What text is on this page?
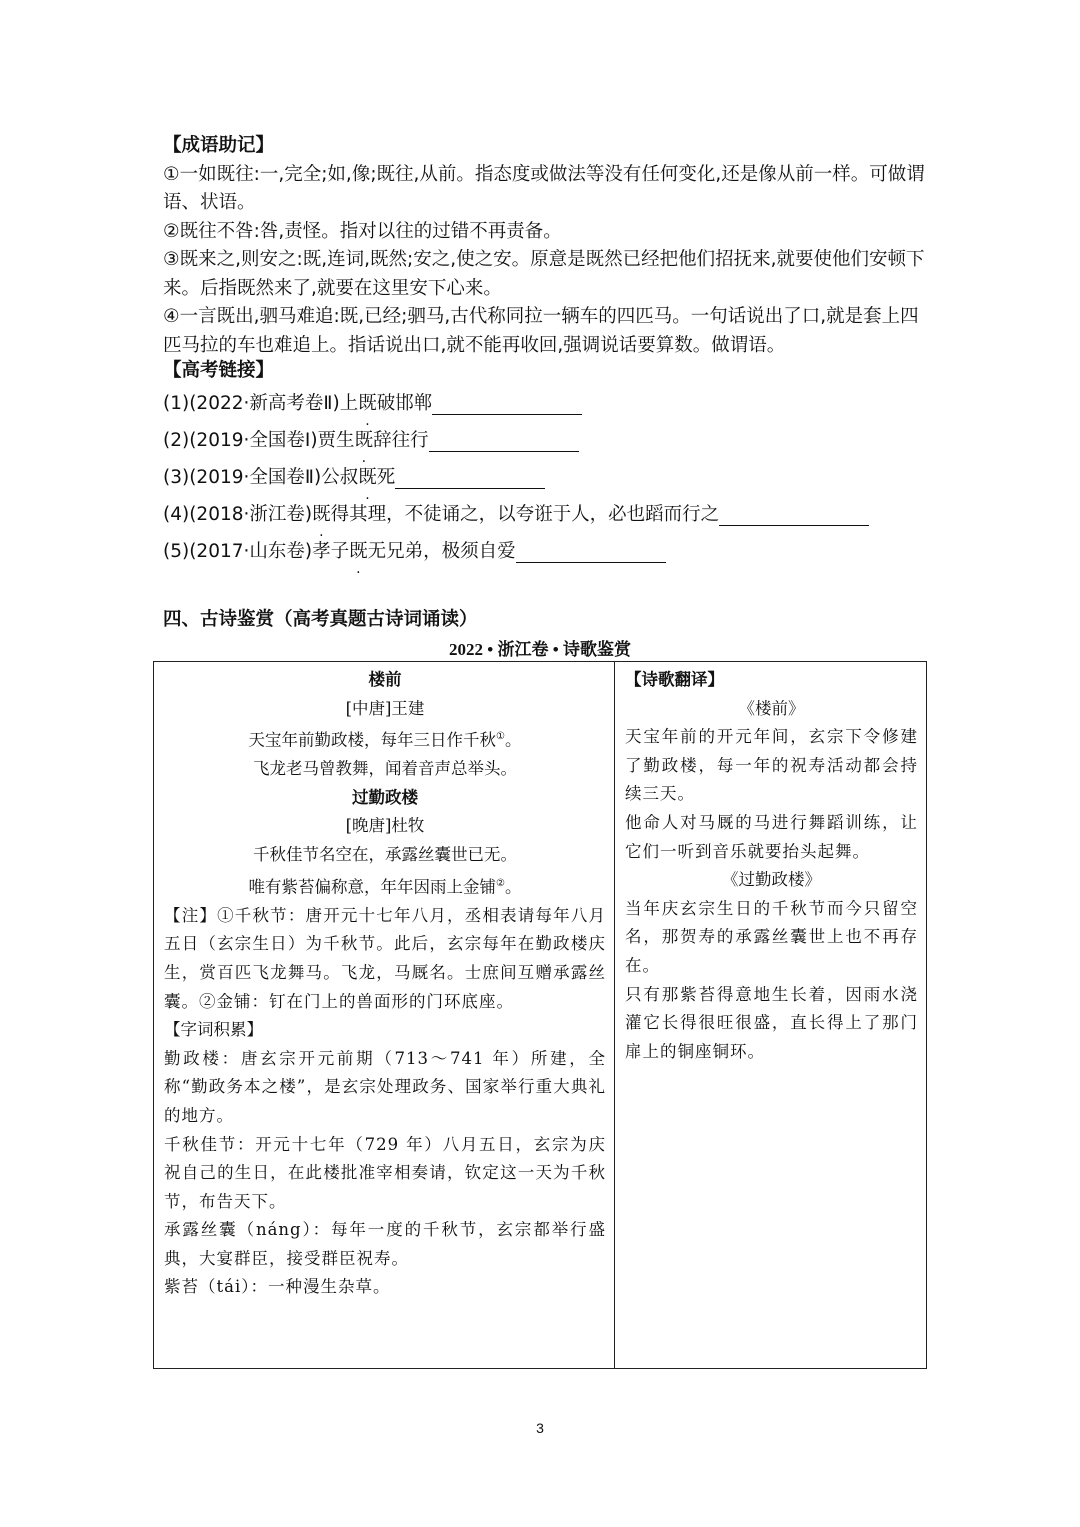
【成语助记】

①一如既往:一,完全;如,像;既往,从前。指态度或做法等没有任何变化,还是像从前一样。可做谓语、状语。

②既往不咎:咎,责怪。指对以往的过错不再责备。

③既来之,则安之:既,连词,既然;安之,使之安。原意是既然已经把他们招抚来,就要使他们安顿下来。后指既然来了,就要在这里安下心来。

④一言既出,驷马难追:既,已经;驷马,古代称同拉一辆车的四匹马。一句话说出了口,就是套上四匹马拉的车也难追上。指话说出口,就不能再收回,强调说话要算数。做谓语。

【高考链接】
(1)(2022·新高考卷Ⅱ)上既破邯郸
(2)(2019·全国卷Ⅰ)贾生既辞往行
(3)(2019·全国卷Ⅱ)公叔既死
(4)(2018·浙江卷)既得其理，不徒诵之，以夸诳于人，必也蹈而行之
(5)(2017·山东卷)孝子既无兄弟，极须自爱
四、古诗鉴赏（高考真题古诗词诵读）
2022 • 浙江卷 • 诗歌鉴赏

楼前

[中唐]王建

天宝年前勤政楼，每年三日作千秋①。

飞龙老马曾教舞，闻着音声总举头。

过勤政楼

[晚唐]杜牧

千秋佳节名空在，承露丝囊世已无。

唯有紫苔偏称意，年年因雨上金铺②。

【注】①千秋节：唐开元十七年八月，丞相表请每年八月五日（玄宗生日）为千秋节。此后，玄宗每年在勤政楼庆生，赏百匹飞龙舞马。飞龙，马厩名。士庶间互赠承露丝囊。②金铺：钉在门上的兽面形的门环底座。

【字词积累】

勤政楼：唐玄宗开元前期（713～741 年）所建，全称“勤政务本之楼”，是玄宗处理政务、国家举行重大典礼的地方。

千秋佳节：开元十七年（729 年）八月五日，玄宗为庆祝自己的生日，在此楼批准宰相奏请，钦定这一天为千秋节，布告天下。

承露丝囊（náng）：每年一度的千秋节，玄宗都举行盛典，大宴群臣，接受群臣祝寿。

紫苔（tái）：一种漫生杂草。

【诗歌翻译】

《楼前》

天宝年前的开元年间，玄宗下令修建了勤政楼，每一年的祝寿活动都会持续三天。

他命人对马厩的马进行舞蹈训练，让它们一听到音乐就要抬头起舞。

《过勤政楼》

当年庆玄宗生日的千秋节而今只留空名，那贺寿的承露丝囊世上也不再存在。

只有那紫苔得意地生长着，因雨水浇灌它长得很旺很盛，直长得上了那门扉上的铜座铜环。

3
